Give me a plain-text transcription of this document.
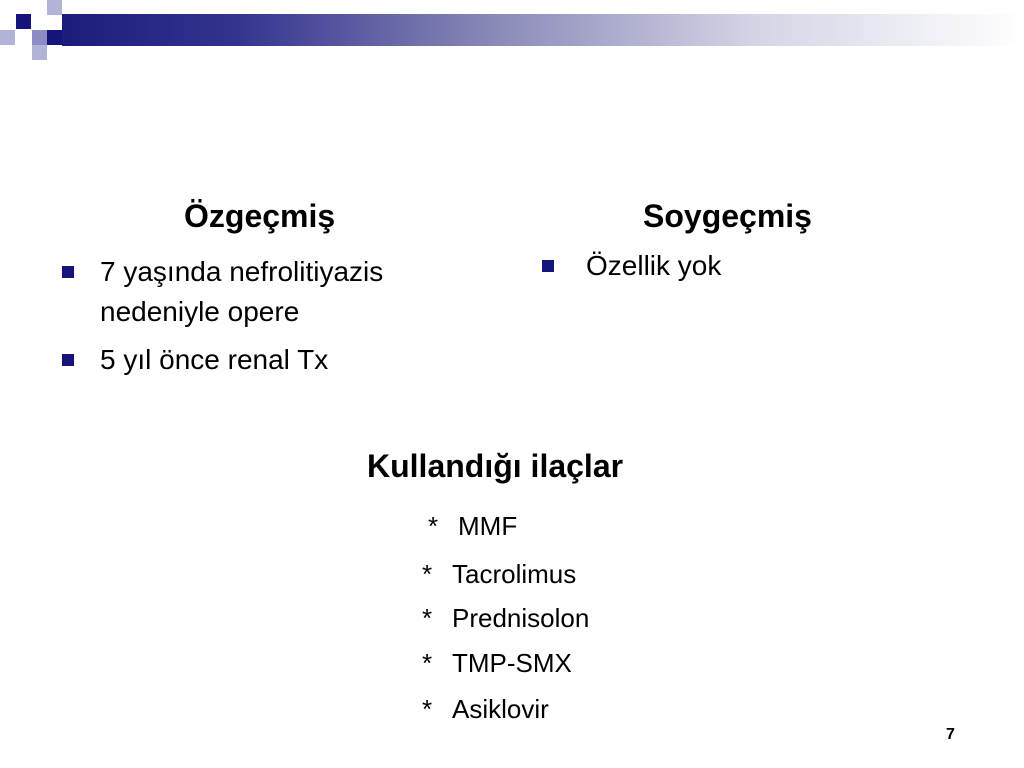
Özgeçmiş
7 yaşında nefrolitiyazis
nedeniyle opere
5 yıl önce renal Tx
Soygeçmiş
Özellik yok
Kullandığı ilaçlar
* MMF
* Tacrolimus
* Prednisolon
* TMP-SMX
* Asiklovir
7
